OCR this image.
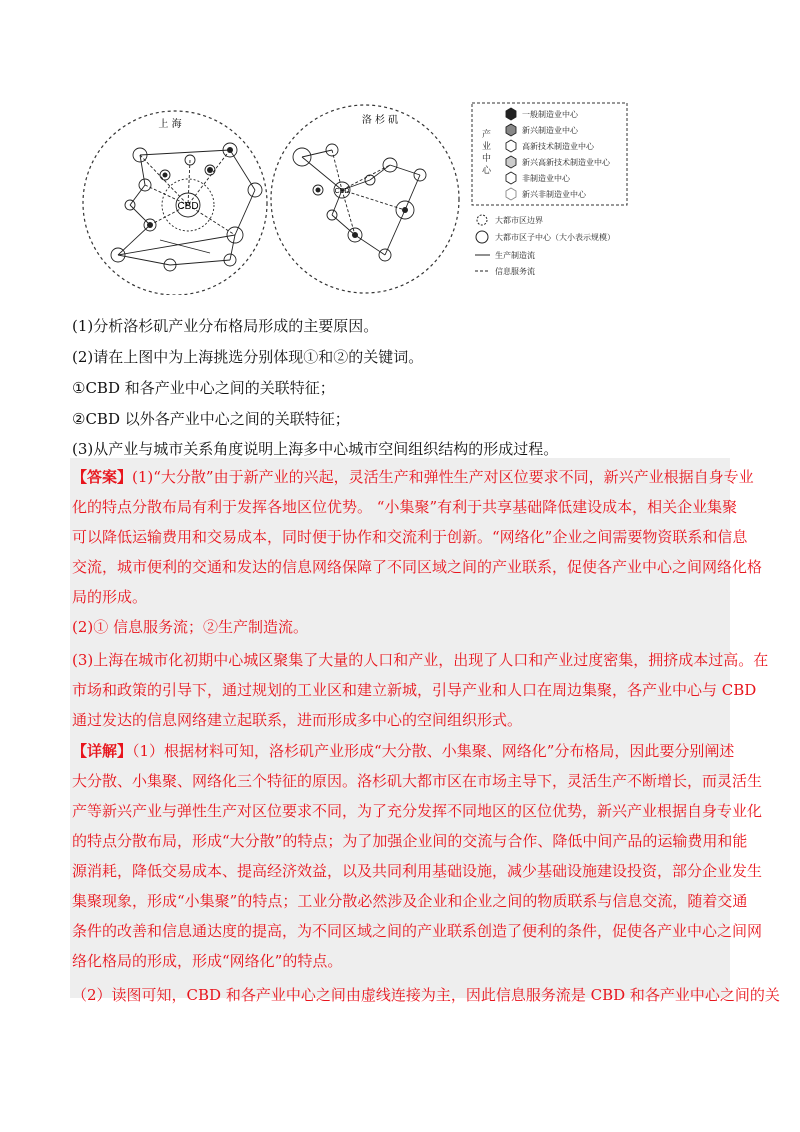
CBD
上 海
CBD
洛 杉 矶
产
业
中
心
一般制造业中心
新兴制造业中心
高新技术制造业中心
新兴高新技术制造业中心
非制造业中心
新兴非制造业中心
大都市区边界
大都市区子中心（大小表示规模）
生产制造流
信息服务流
(1)分析洛杉矶产业分布格局形成的主要原因。
(2)请在上图中为上海挑选分别体现①和②的关键词。
①CBD 和各产业中心之间的关联特征；
②CBD 以外各产业中心之间的关联特征；
(3)从产业与城市关系角度说明上海多中心城市空间组织结构的形成过程。
【答案】(1)“大分散”由于新产业的兴起，灵活生产和弹性生产对区位要求不同，新兴产业根据自身专业
化的特点分散布局有利于发挥各地区位优势。 “小集聚”有利于共享基础降低建设成本，相关企业集聚
可以降低运输费用和交易成本，同时便于协作和交流利于创新。“网络化”企业之间需要物资联系和信息
交流，城市便利的交通和发达的信息网络保障了不同区域之间的产业联系，促使各产业中心之间网络化格
局的形成。
(2)① 信息服务流；②生产制造流。
(3)上海在城市化初期中心城区聚集了大量的人口和产业，出现了人口和产业过度密集，拥挤成本过高。在
市场和政策的引导下，通过规划的工业区和建立新城，引导产业和人口在周边集聚，各产业中心与 CBD
通过发达的信息网络建立起联系，进而形成多中心的空间组织形式。
【详解】（1）根据材料可知，洛杉矶产业形成“大分散、小集聚、网络化”分布格局，因此要分别阐述
大分散、小集聚、网络化三个特征的原因。洛杉矶大都市区在市场主导下，灵活生产不断增长，而灵活生
产等新兴产业与弹性生产对区位要求不同，为了充分发挥不同地区的区位优势，新兴产业根据自身专业化
的特点分散布局，形成“大分散”的特点；为了加强企业间的交流与合作、降低中间产品的运输费用和能
源消耗，降低交易成本、提高经济效益，以及共同利用基础设施，减少基础设施建设投资，部分企业发生
集聚现象，形成“小集聚”的特点；工业分散必然涉及企业和企业之间的物质联系与信息交流，随着交通
条件的改善和信息通达度的提高，为不同区域之间的产业联系创造了便利的条件，促使各产业中心之间网
络化格局的形成，形成“网络化”的特点。
（2）读图可知，CBD 和各产业中心之间由虚线连接为主，因此信息服务流是 CBD 和各产业中心之间的关
